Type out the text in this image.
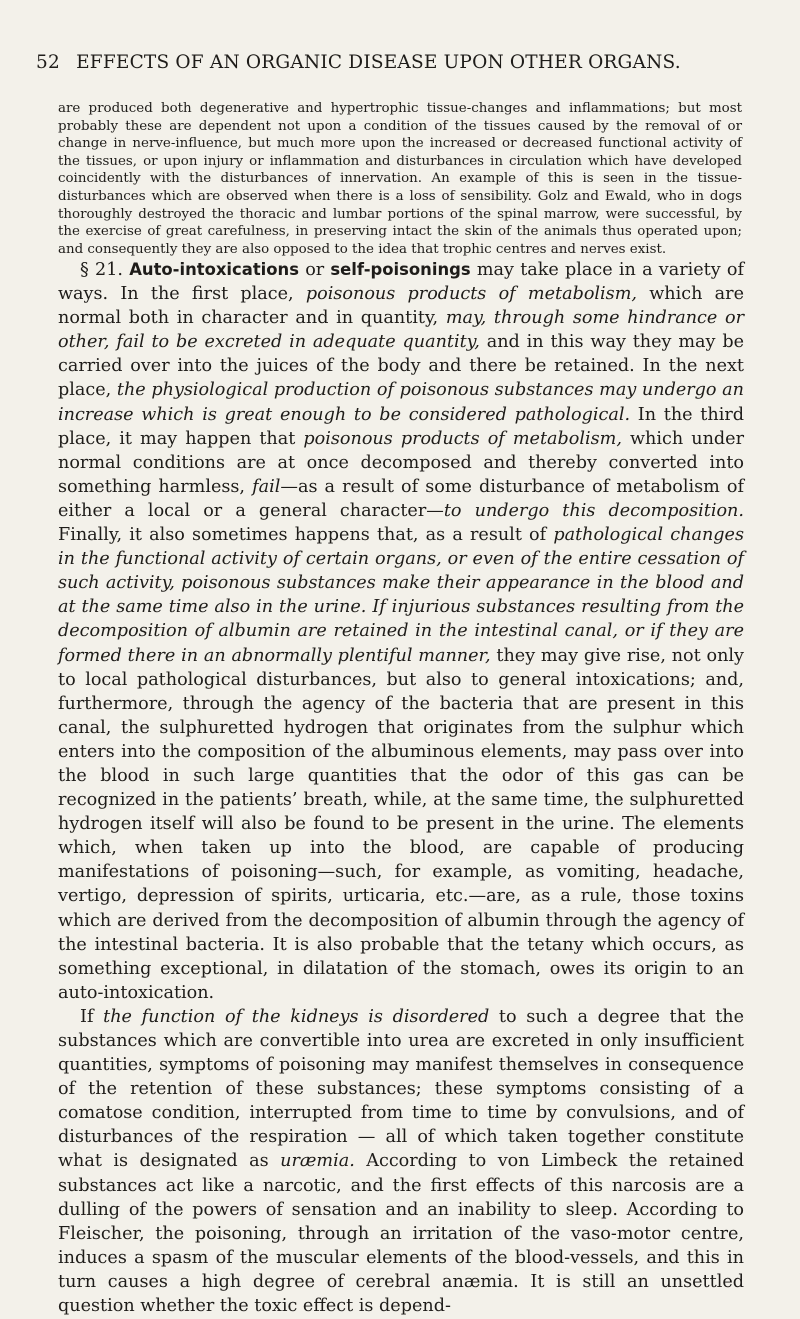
52 EFFECTS OF AN ORGANIC DISEASE UPON OTHER ORGANS.

are produced both degenerative and hypertrophic tissue-changes and inflammations; but most probably these are dependent not upon a condition of the tissues caused by the removal of or change in nerve-influence, but much more upon the increased or decreased functional activity of the tissues, or upon injury or inflammation and disturbances in circulation which have developed coincidently with the disturbances of innervation. An example of this is seen in the tissue-disturbances which are observed when there is a loss of sensibility. Golz and Ewald, who in dogs thoroughly destroyed the thoracic and lumbar portions of the spinal marrow, were successful, by the exercise of great carefulness, in preserving intact the skin of the animals thus operated upon; and consequently they are also opposed to the idea that trophic centres and nerves exist.

§ 21. Auto-intoxications or self-poisonings may take place in a variety of ways. In the first place, poisonous products of metabolism, which are normal both in character and in quantity, may, through some hindrance or other, fail to be excreted in adequate quantity, and in this way they may be carried over into the juices of the body and there be retained. In the next place, the physiological production of poisonous substances may undergo an increase which is great enough to be considered pathological. In the third place, it may happen that poisonous products of metabolism, which under normal conditions are at once decomposed and thereby converted into something harmless, fail—as a result of some disturbance of metabolism of either a local or a general character—to undergo this decomposition. Finally, it also sometimes happens that, as a result of pathological changes in the functional activity of certain organs, or even of the entire cessation of such activity, poisonous substances make their appearance in the blood and at the same time also in the urine. If injurious substances resulting from the decomposition of albumin are retained in the intestinal canal, or if they are formed there in an abnormally plentiful manner, they may give rise, not only to local pathological disturbances, but also to general intoxications; and, furthermore, through the agency of the bacteria that are present in this canal, the sulphuretted hydrogen that originates from the sulphur which enters into the composition of the albuminous elements, may pass over into the blood in such large quantities that the odor of this gas can be recognized in the patients’ breath, while, at the same time, the sulphuretted hydrogen itself will also be found to be present in the urine. The elements which, when taken up into the blood, are capable of producing manifestations of poisoning—such, for example, as vomiting, headache, vertigo, depression of spirits, urticaria, etc.—are, as a rule, those toxins which are derived from the decomposition of albumin through the agency of the intestinal bacteria. It is also probable that the tetany which occurs, as something exceptional, in dilatation of the stomach, owes its origin to an auto-intoxication.

If the function of the kidneys is disordered to such a degree that the substances which are convertible into urea are excreted in only insufficient quantities, symptoms of poisoning may manifest themselves in consequence of the retention of these substances; these symptoms consisting of a comatose condition, interrupted from time to time by convulsions, and of disturbances of the respiration — all of which taken together constitute what is designated as uræmia. According to von Limbeck the retained substances act like a narcotic, and the first effects of this narcosis are a dulling of the powers of sensation and an inability to sleep. According to Fleischer, the poisoning, through an irritation of the vaso-motor centre, induces a spasm of the muscular elements of the blood-vessels, and this in turn causes a high degree of cerebral anæmia. It is still an unsettled question whether the toxic effect is depend-
